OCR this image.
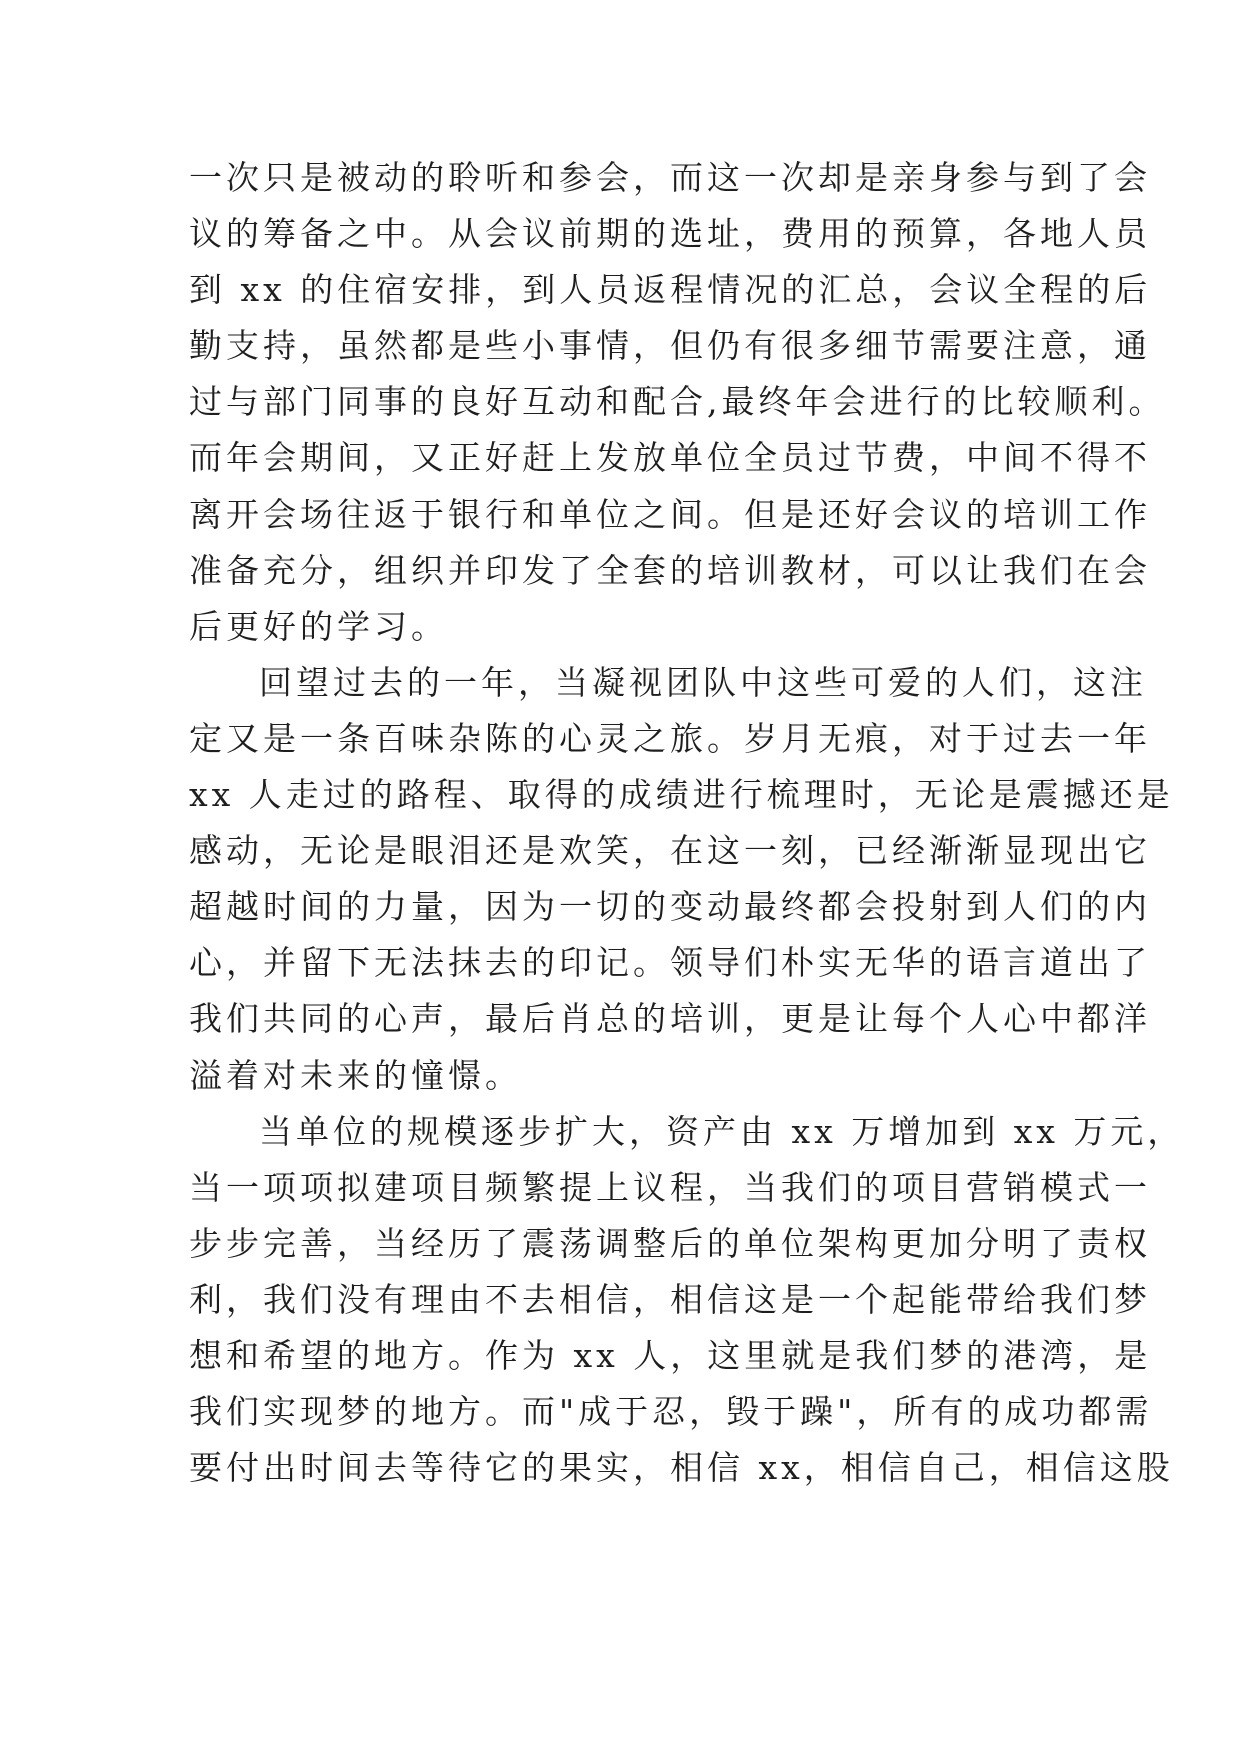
一次只是被动的聆听和参会，而这一次却是亲身参与到了会
议的筹备之中。从会议前期的选址，费用的预算，各地人员
到 xx 的住宿安排，到人员返程情况的汇总，会议全程的后
勤支持，虽然都是些小事情，但仍有很多细节需要注意，通
过与部门同事的良好互动和配合,最终年会进行的比较顺利。
而年会期间，又正好赶上发放单位全员过节费，中间不得不
离开会场往返于银行和单位之间。但是还好会议的培训工作
准备充分，组织并印发了全套的培训教材，可以让我们在会
后更好的学习。
回望过去的一年，当凝视团队中这些可爱的人们，这注
定又是一条百味杂陈的心灵之旅。岁月无痕，对于过去一年
xx 人走过的路程、取得的成绩进行梳理时，无论是震撼还是
感动，无论是眼泪还是欢笑，在这一刻，已经渐渐显现出它
超越时间的力量，因为一切的变动最终都会投射到人们的内
心，并留下无法抹去的印记。领导们朴实无华的语言道出了
我们共同的心声，最后肖总的培训，更是让每个人心中都洋
溢着对未来的憧憬。
当单位的规模逐步扩大，资产由 xx 万增加到 xx 万元，
当一项项拟建项目频繁提上议程，当我们的项目营销模式一
步步完善，当经历了震荡调整后的单位架构更加分明了责权
利，我们没有理由不去相信，相信这是一个起能带给我们梦
想和希望的地方。作为 xx 人，这里就是我们梦的港湾，是
我们实现梦的地方。而"成于忍，毁于躁"，所有的成功都需
要付出时间去等待它的果实，相信 xx，相信自己，相信这股
